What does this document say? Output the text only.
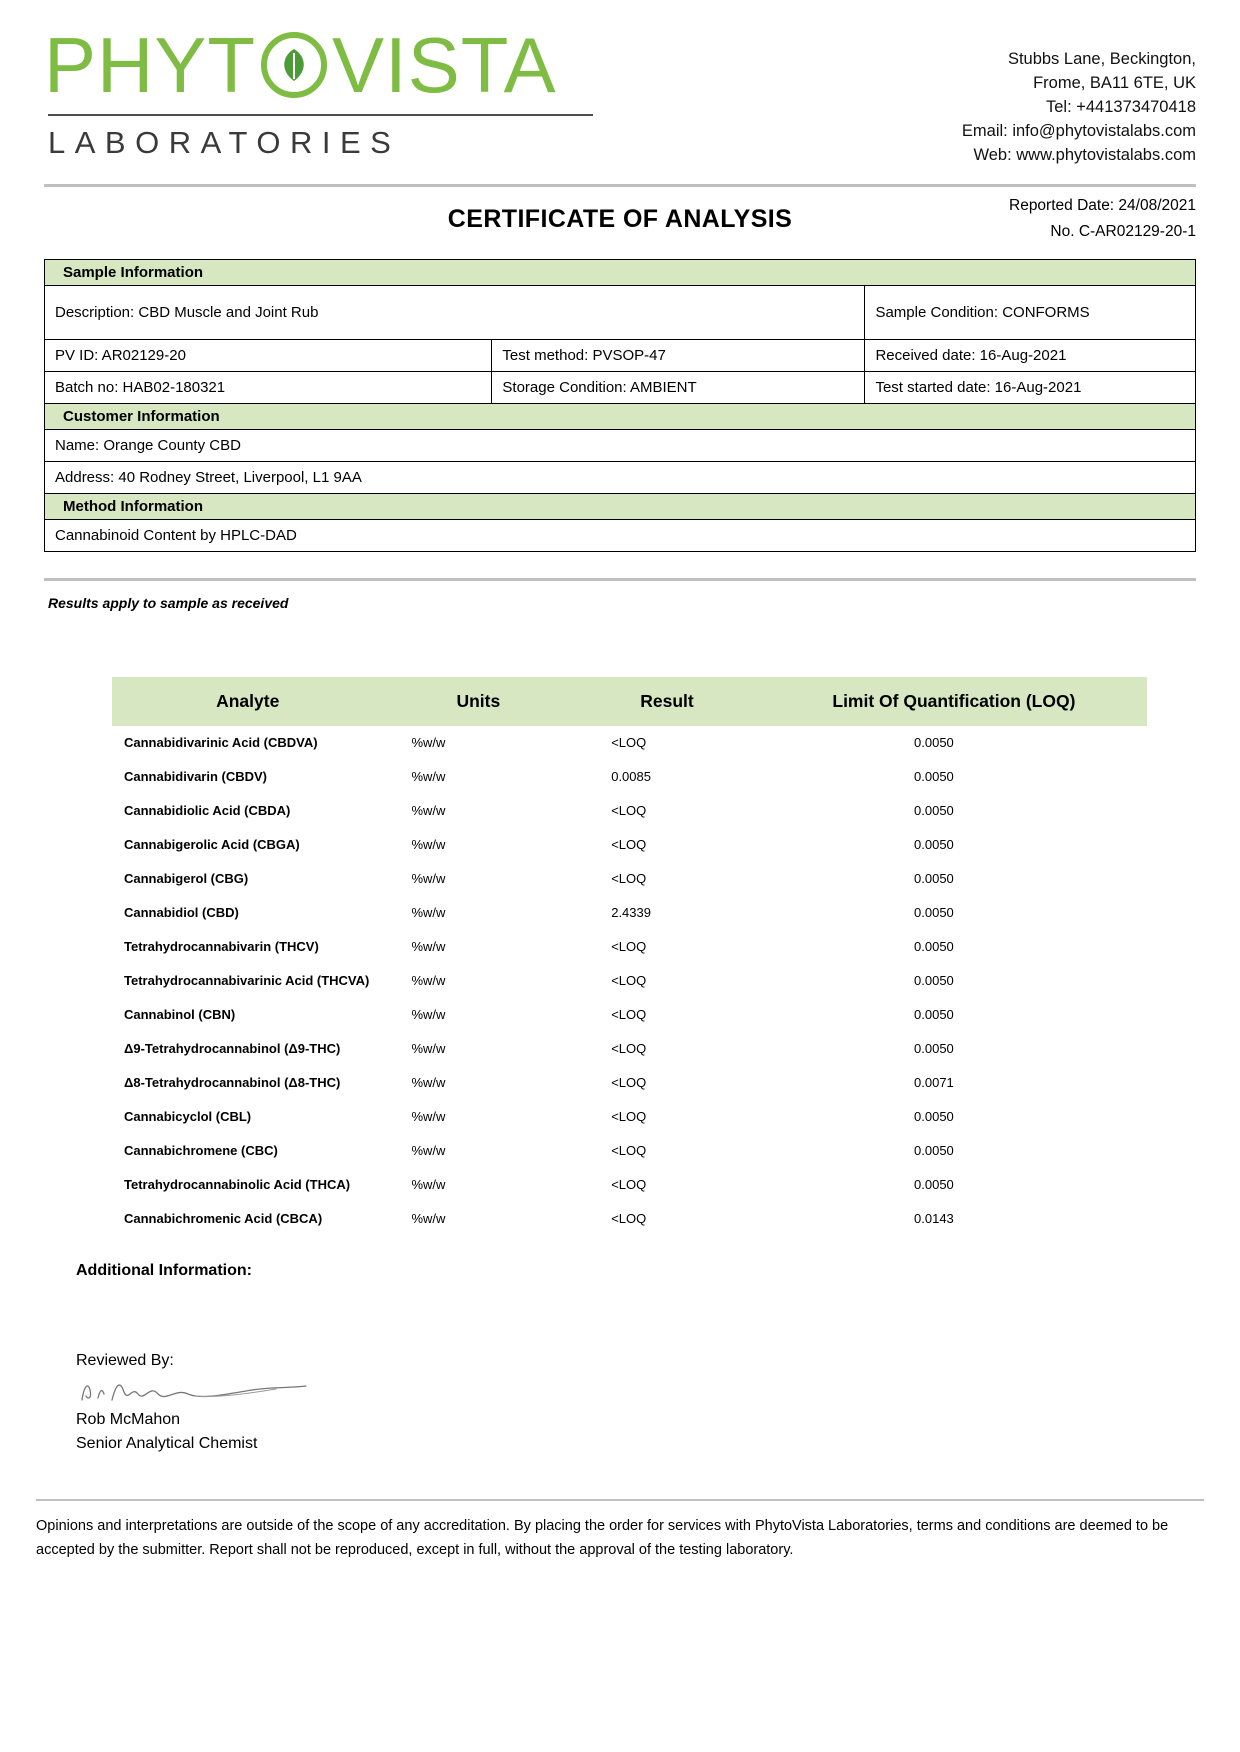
PHYT VISTA
LABORATORIES
Stubbs Lane, Beckington,
Frome, BA11 6TE, UK
Tel: +441373470418
Email: info@phytovistalabs.com
Web: www.phytovistalabs.com
CERTIFICATE OF ANALYSIS	Reported Date: 24/08/2021
No. C-AR02129-20-1
Sample Information		
Description: CBD Muscle and Joint Rub		Sample Condition: CONFORMS
PV ID: AR02129-20	Test method: PVSOP-47	Received date: 16-Aug-2021
Batch no: HAB02-180321	Storage Condition: AMBIENT	Test started date: 16-Aug-2021
Customer Information		
Name: Orange County CBD		
Address: 40 Rodney Street, Liverpool, L1 9AA		
Method Information		
Cannabinoid Content by HPLC-DAD		
Results apply to sample as received
Analyte	Units	Result	Limit Of Quantification (LOQ)
Cannabidivarinic Acid (CBDVA)	%w/w	<LOQ	0.0050
Cannabidivarin (CBDV)	%w/w	0.0085	0.0050
Cannabidiolic Acid (CBDA)	%w/w	<LOQ	0.0050
Cannabigerolic Acid (CBGA)	%w/w	<LOQ	0.0050
Cannabigerol (CBG)	%w/w	<LOQ	0.0050
Cannabidiol (CBD)	%w/w	2.4339	0.0050
Tetrahydrocannabivarin (THCV)	%w/w	<LOQ	0.0050
Tetrahydrocannabivarinic Acid (THCVA)	%w/w	<LOQ	0.0050
Cannabinol (CBN)	%w/w	<LOQ	0.0050
Δ9-Tetrahydrocannabinol (Δ9-THC)	%w/w	<LOQ	0.0050
Δ8-Tetrahydrocannabinol (Δ8-THC)	%w/w	<LOQ	0.0071
Cannabicyclol (CBL)	%w/w	<LOQ	0.0050
Cannabichromene (CBC)	%w/w	<LOQ	0.0050
Tetrahydrocannabinolic Acid (THCA)	%w/w	<LOQ	0.0050
Cannabichromenic Acid (CBCA)	%w/w	<LOQ	0.0143
Additional Information:
Reviewed By:
Rob McMahon
Senior Analytical Chemist
Opinions and interpretations are outside of the scope of any accreditation. By placing the order for services with PhytoVista Laboratories, terms and conditions are deemed to be accepted by the submitter. Report shall not be reproduced, except in full, without the approval of the testing laboratory.
